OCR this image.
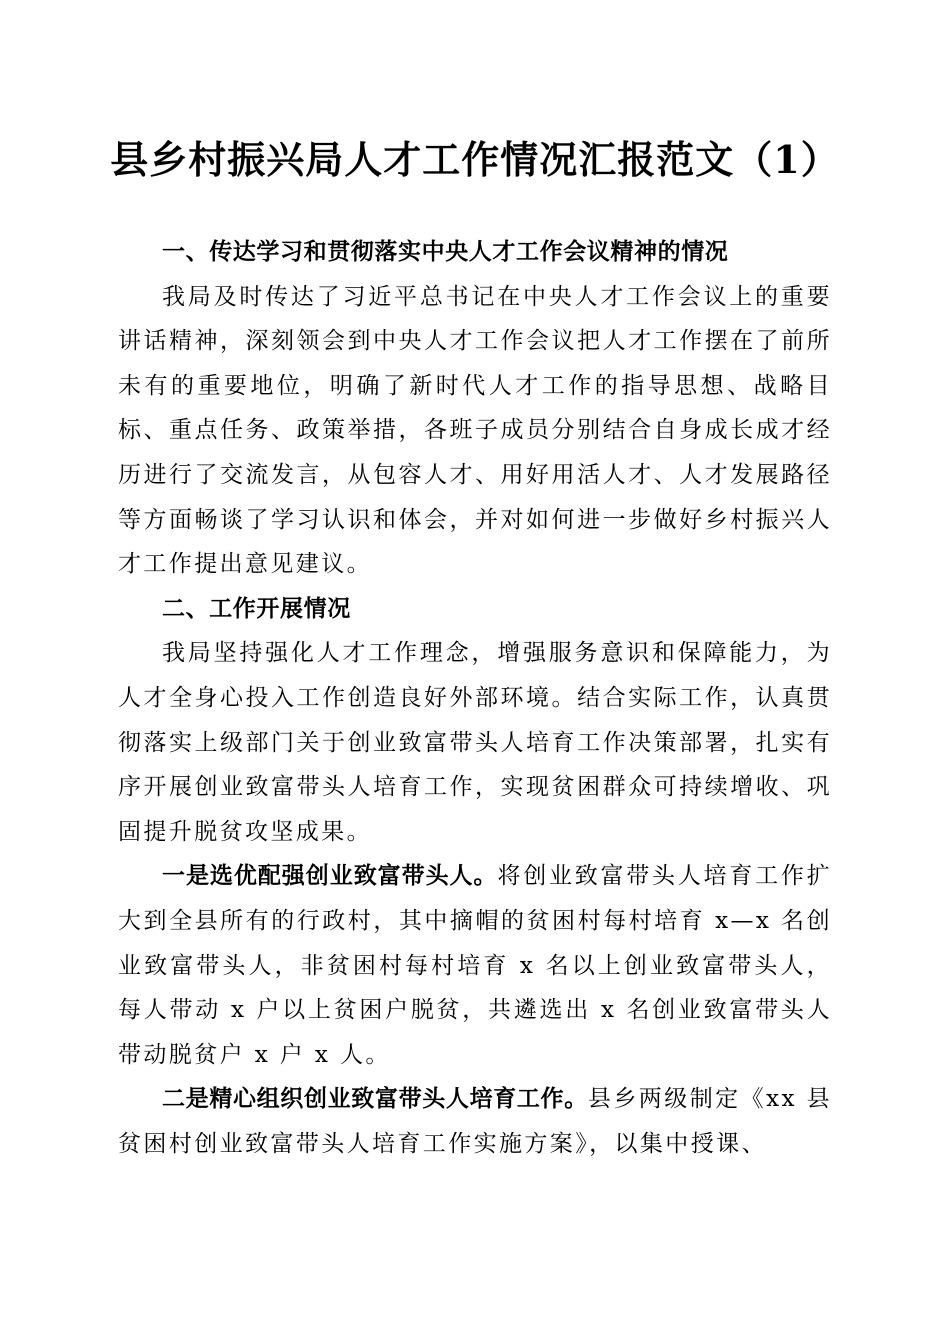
县乡村振兴局人才工作情况汇报范文（1）

一、传达学习和贯彻落实中央人才工作会议精神的情况

我局及时传达了习近平总书记在中央人才工作会议上的重要讲话精神，深刻领会到中央人才工作会议把人才工作摆在了前所未有的重要地位，明确了新时代人才工作的指导思想、战略目标、重点任务、政策举措，各班子成员分别结合自身成长成才经历进行了交流发言，从包容人才、用好用活人才、人才发展路径等方面畅谈了学习认识和体会，并对如何进一步做好乡村振兴人才工作提出意见建议。

二、工作开展情况

我局坚持强化人才工作理念，增强服务意识和保障能力，为人才全身心投入工作创造良好外部环境。结合实际工作，认真贯彻落实上级部门关于创业致富带头人培育工作决策部署，扎实有序开展创业致富带头人培育工作，实现贫困群众可持续增收、巩固提升脱贫攻坚成果。

一是选优配强创业致富带头人。将创业致富带头人培育工作扩大到全县所有的行政村，其中摘帽的贫困村每村培育 x—x 名创业致富带头人，非贫困村每村培育 x 名以上创业致富带头人，每人带动 x 户以上贫困户脱贫，共遴选出 x 名创业致富带头人带动脱贫户 x 户 x 人。

二是精心组织创业致富带头人培育工作。县乡两级制定《xx 县贫困村创业致富带头人培育工作实施方案》，以集中授课、
